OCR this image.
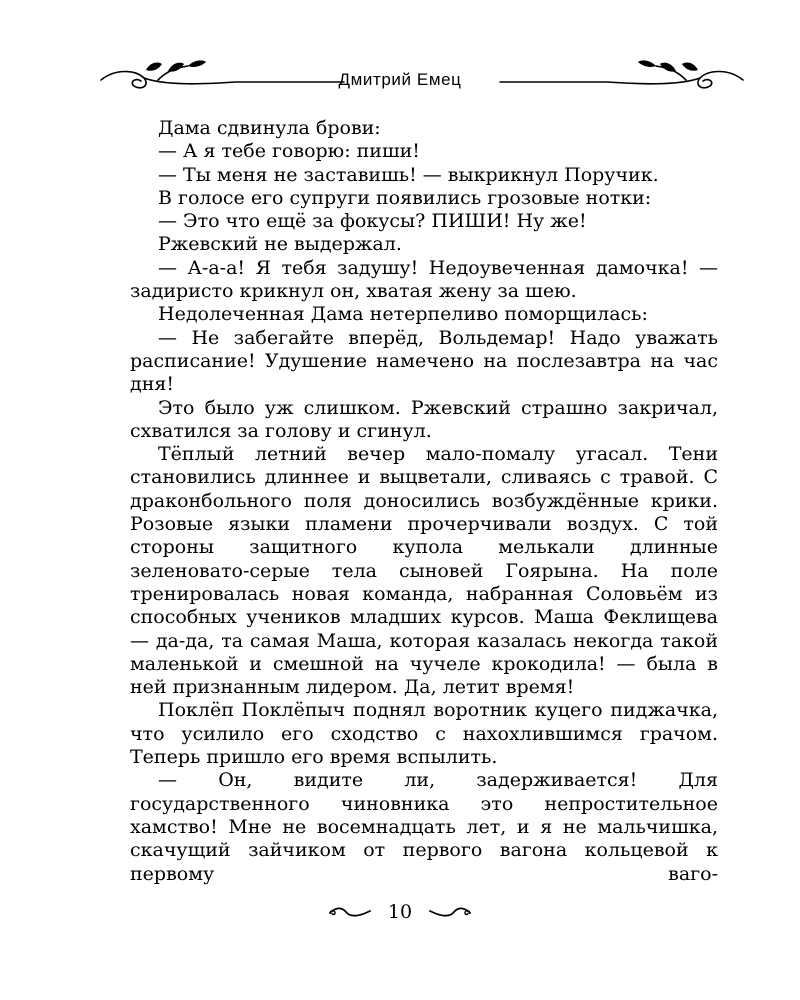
Дмитрий Емец

Дама сдвинула брови:

— А я тебе говорю: пиши!

— Ты меня не заставишь! — выкрикнул Поручик.

В голосе его супруги появились грозовые нотки:

— Это что ещё за фокусы? ПИШИ! Ну же!

Ржевский не выдержал.

— А-а-а! Я тебя задушу! Недоувеченная дамочка! — задиристо крикнул он, хватая жену за шею.

Недолеченная Дама нетерпеливо поморщилась:

— Не забегайте вперёд, Вольдемар! Надо уважать расписание! Удушение намечено на послезавтра на час дня!

Это было уж слишком. Ржевский страшно закричал, схватился за голову и сгинул.

Тёплый летний вечер мало-помалу угасал. Тени становились длиннее и выцветали, сливаясь с травой. С драконбольного поля доносились возбуждённые крики. Розовые языки пламени прочерчивали воздух. С той стороны защитного купола мелькали длинные зеленовато-серые тела сыновей Гоярына. На поле тренировалась новая команда, набранная Соловьём из способных учеников младших курсов. Маша Феклищева — да-да, та самая Маша, которая казалась некогда такой маленькой и смешной на чучеле крокодила! — была в ней признанным лидером. Да, летит время!

Поклёп Поклёпыч поднял воротник куцего пиджачка, что усилило его сходство с нахохлившимся грачом. Теперь пришло его время вспылить.

— Он, видите ли, задерживается! Для государственного чиновника это непростительное хамство! Мне не восемнадцать лет, и я не мальчишка, скачущий зайчиком от первого вагона кольцевой к первому ваго-

10
